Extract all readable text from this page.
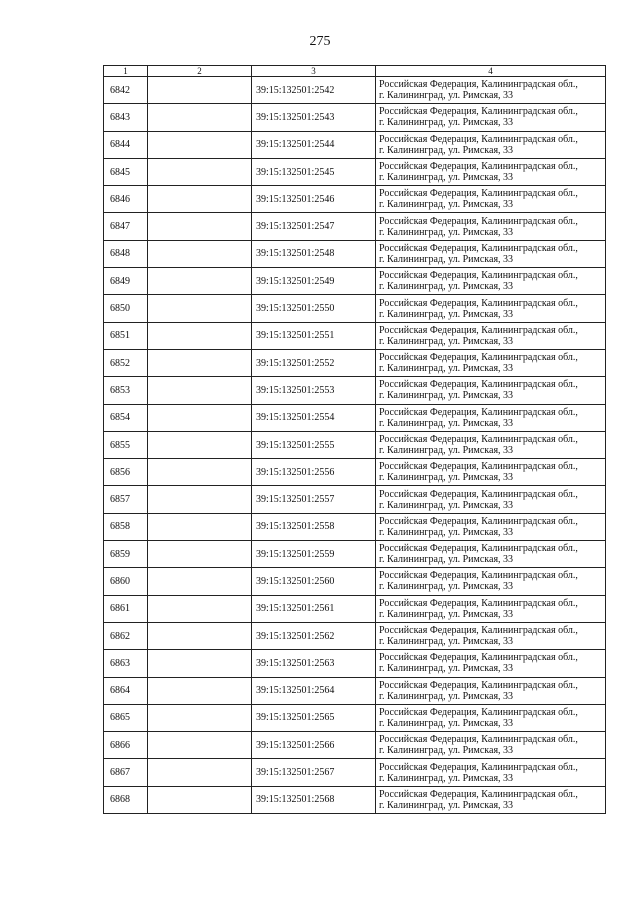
275
1	2	3	4
6842		39:15:132501:2542	Российская Федерация, Калининградская обл.,
г. Калининград, ул. Римская, 33

6843		39:15:132501:2543	Российская Федерация, Калининградская обл.,
г. Калининград, ул. Римская, 33

6844		39:15:132501:2544	Российская Федерация, Калининградская обл.,
г. Калининград, ул. Римская, 33

6845		39:15:132501:2545	Российская Федерация, Калининградская обл.,
г. Калининград, ул. Римская, 33

6846		39:15:132501:2546	Российская Федерация, Калининградская обл.,
г. Калининград, ул. Римская, 33

6847		39:15:132501:2547	Российская Федерация, Калининградская обл.,
г. Калининград, ул. Римская, 33

6848		39:15:132501:2548	Российская Федерация, Калининградская обл.,
г. Калининград, ул. Римская, 33

6849		39:15:132501:2549	Российская Федерация, Калининградская обл.,
г. Калининград, ул. Римская, 33

6850		39:15:132501:2550	Российская Федерация, Калининградская обл.,
г. Калининград, ул. Римская, 33

6851		39:15:132501:2551	Российская Федерация, Калининградская обл.,
г. Калининград, ул. Римская, 33

6852		39:15:132501:2552	Российская Федерация, Калининградская обл.,
г. Калининград, ул. Римская, 33

6853		39:15:132501:2553	Российская Федерация, Калининградская обл.,
г. Калининград, ул. Римская, 33

6854		39:15:132501:2554	Российская Федерация, Калининградская обл.,
г. Калининград, ул. Римская, 33

6855		39:15:132501:2555	Российская Федерация, Калининградская обл.,
г. Калининград, ул. Римская, 33

6856		39:15:132501:2556	Российская Федерация, Калининградская обл.,
г. Калининград, ул. Римская, 33

6857		39:15:132501:2557	Российская Федерация, Калининградская обл.,
г. Калининград, ул. Римская, 33

6858		39:15:132501:2558	Российская Федерация, Калининградская обл.,
г. Калининград, ул. Римская, 33

6859		39:15:132501:2559	Российская Федерация, Калининградская обл.,
г. Калининград, ул. Римская, 33

6860		39:15:132501:2560	Российская Федерация, Калининградская обл.,
г. Калининград, ул. Римская, 33

6861		39:15:132501:2561	Российская Федерация, Калининградская обл.,
г. Калининград, ул. Римская, 33

6862		39:15:132501:2562	Российская Федерация, Калининградская обл.,
г. Калининград, ул. Римская, 33

6863		39:15:132501:2563	Российская Федерация, Калининградская обл.,
г. Калининград, ул. Римская, 33

6864		39:15:132501:2564	Российская Федерация, Калининградская обл.,
г. Калининград, ул. Римская, 33

6865		39:15:132501:2565	Российская Федерация, Калининградская обл.,
г. Калининград, ул. Римская, 33

6866		39:15:132501:2566	Российская Федерация, Калининградская обл.,
г. Калининград, ул. Римская, 33

6867		39:15:132501:2567	Российская Федерация, Калининградская обл.,
г. Калининград, ул. Римская, 33

6868		39:15:132501:2568	Российская Федерация, Калининградская обл.,
г. Калининград, ул. Римская, 33
